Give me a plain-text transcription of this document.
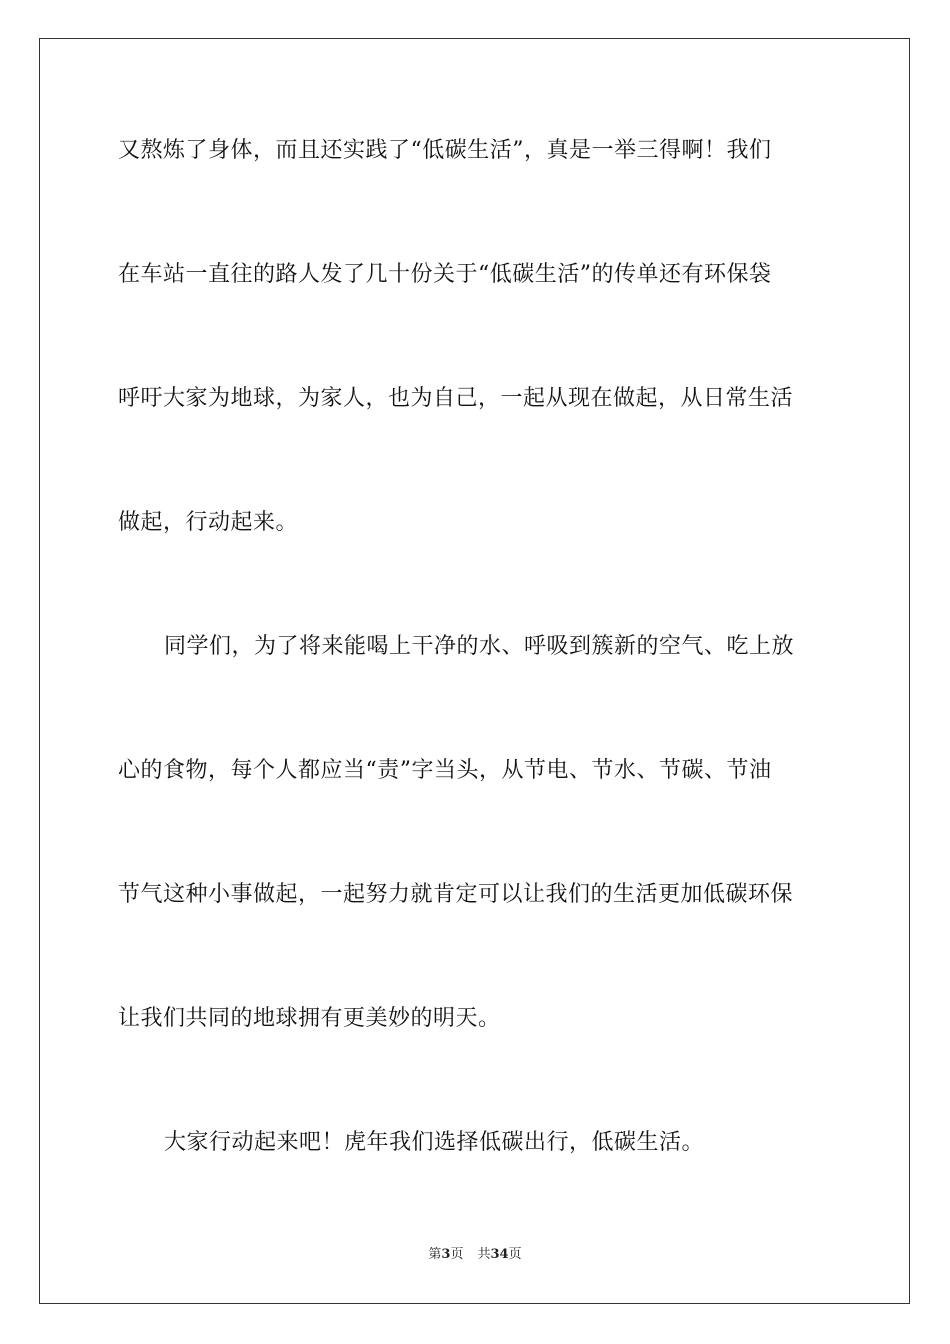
又熬炼了身体，而且还实践了“低碳生活”，真是一举三得啊！我们
在车站一直往的路人发了几十份关于“低碳生活”的传单还有环保袋
呼吁大家为地球，为家人，也为自己，一起从现在做起，从日常生活
做起，行动起来。
同学们，为了将来能喝上干净的水、呼吸到簇新的空气、吃上放
心的食物，每个人都应当“责”字当头，从节电、节水、节碳、节油
节气这种小事做起，一起努力就肯定可以让我们的生活更加低碳环保
让我们共同的地球拥有更美妙的明天。
大家行动起来吧！虎年我们选择低碳出行，低碳生活。
第3页 共34页
